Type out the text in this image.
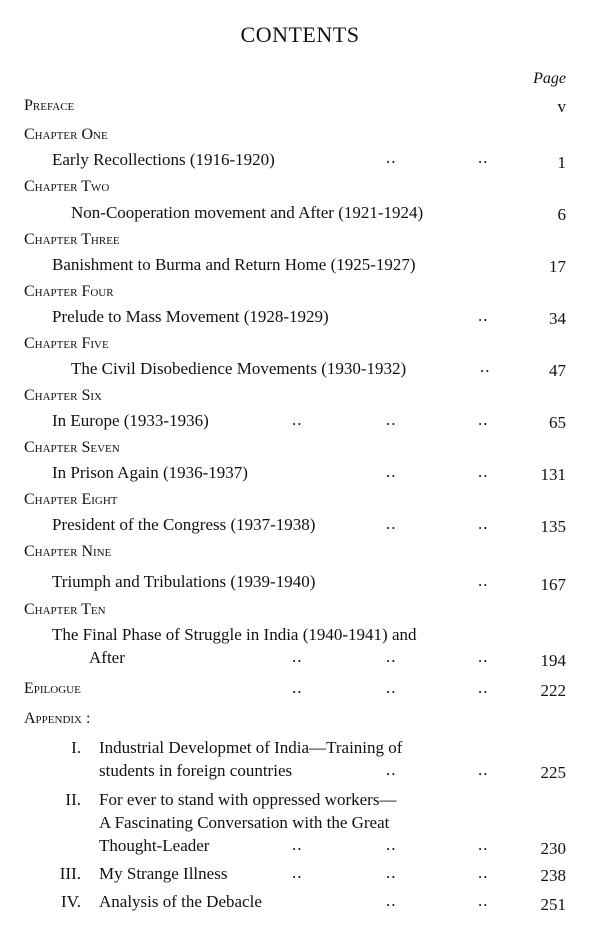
CONTENTS
Page
Preface	v
Chapter One
Early Recollections (1916-1920)	..	..	1
Chapter Two
Non-Cooperation movement and After (1921-1924)	6
Chapter Three
Banishment to Burma and Return Home (1925-1927)	17
Chapter Four
Prelude to Mass Movement (1928-1929)	..	34
Chapter Five
The Civil Disobedience Movements (1930-1932)	..	47
Chapter Six
In Europe (1933-1936)	..	..	..	65
Chapter Seven
In Prison Again (1936-1937)	..	..	131
Chapter Eight
President of the Congress (1937-1938)	..	..	135
Chapter Nine
Triumph and Tribulations (1939-1940)	..	167
Chapter Ten
The Final Phase of Struggle in India (1940-1941) and
After	..	..	..	194
Epilogue	..	..	..	222
Appendix :
I. Industrial Developmet of India—Training of
students in foreign countries	..	..	225
II. For ever to stand with oppressed workers—
A Fascinating Conversation with the Great
Thought-Leader	..	..	..	230
III. My Strange Illness	..	..	..	238
IV. Analysis of the Debacle	..	..	251
